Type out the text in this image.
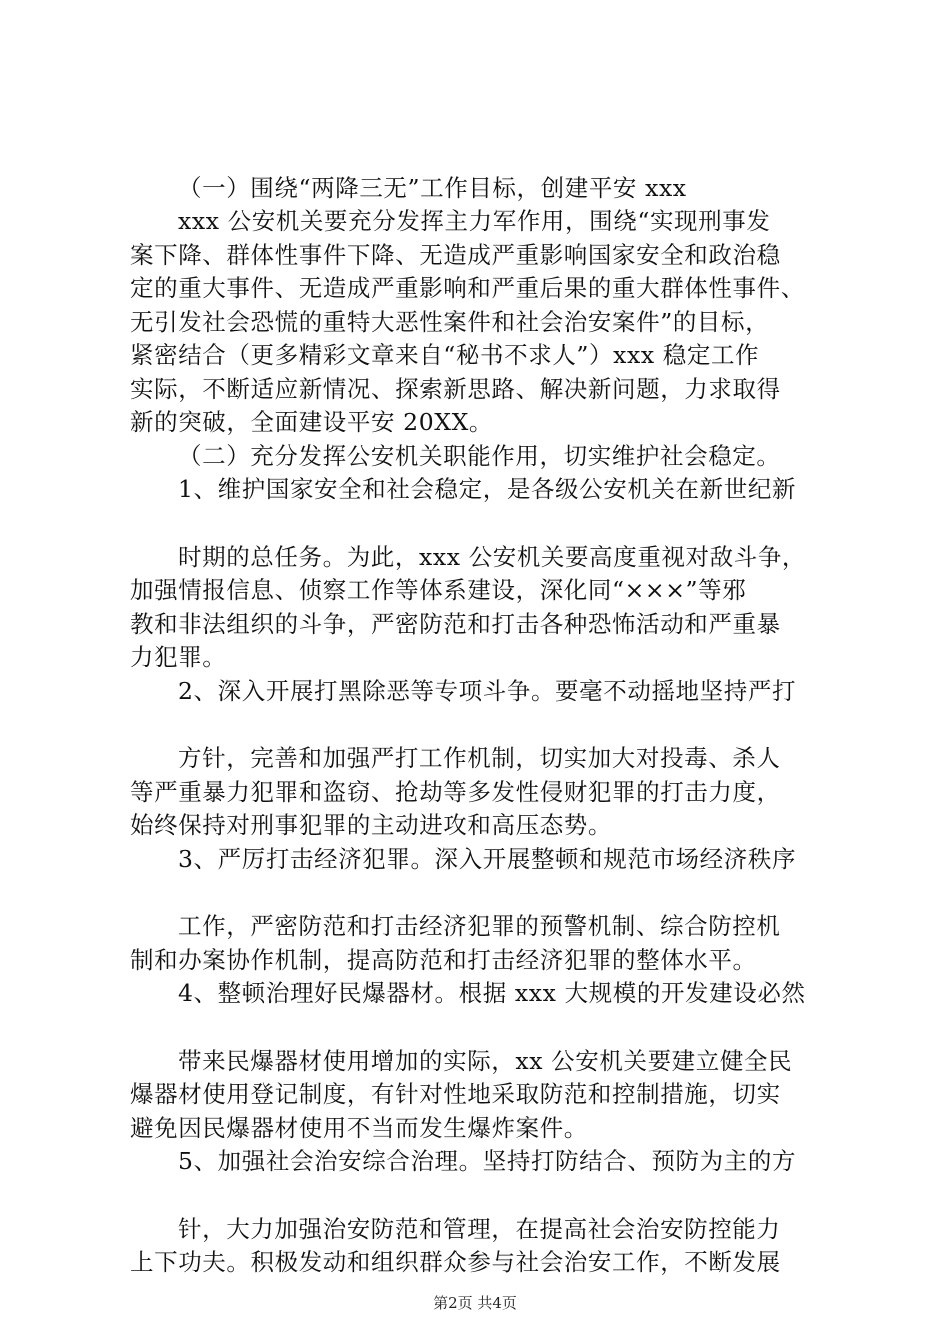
（一）围绕“两降三无”工作目标，创建平安 xxx
xxx 公安机关要充分发挥主力军作用，围绕“实现刑事发
案下降、群体性事件下降、无造成严重影响国家安全和政治稳
定的重大事件、无造成严重影响和严重后果的重大群体性事件、
无引发社会恐慌的重特大恶性案件和社会治安案件”的目标，
紧密结合（更多精彩文章来自“秘书不求人”）xxx 稳定工作
实际，不断适应新情况、探索新思路、解决新问题，力求取得
新的突破，全面建设平安 20XX。
（二）充分发挥公安机关职能作用，切实维护社会稳定。
1、维护国家安全和社会稳定，是各级公安机关在新世纪新
时期的总任务。为此，xxx 公安机关要高度重视对敌斗争，
加强情报信息、侦察工作等体系建设，深化同“×××”等邪
教和非法组织的斗争，严密防范和打击各种恐怖活动和严重暴
力犯罪。
2、深入开展打黑除恶等专项斗争。要毫不动摇地坚持严打
方针，完善和加强严打工作机制，切实加大对投毒、杀人
等严重暴力犯罪和盗窃、抢劫等多发性侵财犯罪的打击力度，
始终保持对刑事犯罪的主动进攻和高压态势。
3、严厉打击经济犯罪。深入开展整顿和规范市场经济秩序
工作，严密防范和打击经济犯罪的预警机制、综合防控机
制和办案协作机制，提高防范和打击经济犯罪的整体水平。
4、整顿治理好民爆器材。根据 xxx 大规模的开发建设必然
带来民爆器材使用增加的实际，xx 公安机关要建立健全民
爆器材使用登记制度，有针对性地采取防范和控制措施，切实
避免因民爆器材使用不当而发生爆炸案件。
5、加强社会治安综合治理。坚持打防结合、预防为主的方
针，大力加强治安防范和管理，在提高社会治安防控能力
上下功夫。积极发动和组织群众参与社会治安工作，不断发展
第2页 共4页
